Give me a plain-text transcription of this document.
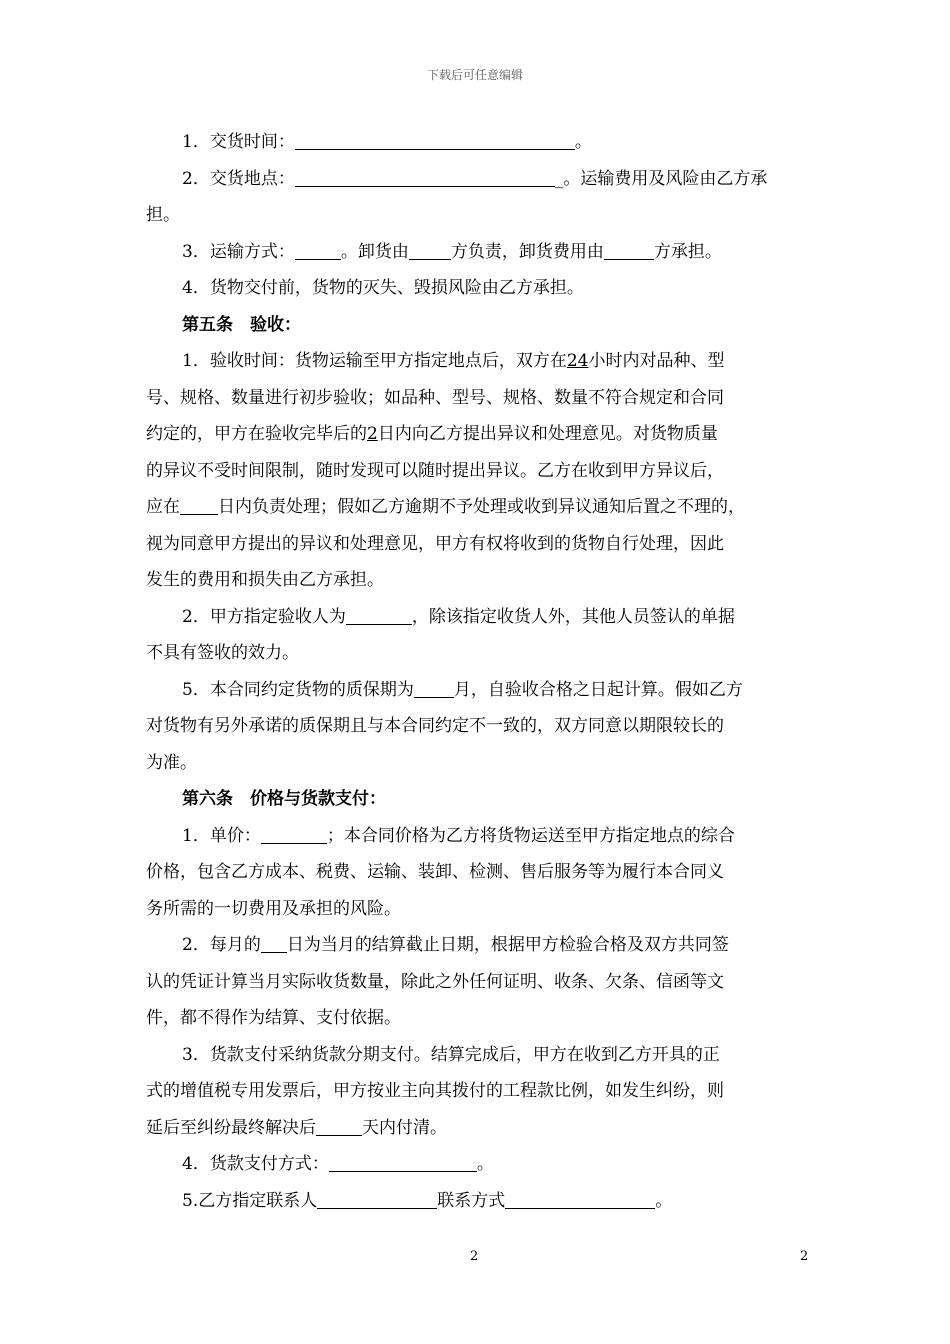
下载后可任意编辑
1．交货时间：	。
2．交货地点：	_。运输费用及风险由乙方承
担。
3．运输方式：	。卸货由 方负责，卸货费用由	方承担。
4．货物交付前，货物的灭失、毁损风险由乙方承担。
第五条　验收：
1．验收时间：货物运输至甲方指定地点后，双方在24小时内对品种、型
号、规格、数量进行初步验收；如品种、型号、规格、数量不符合规定和合同
约定的，甲方在验收完毕后的2日内向乙方提出异议和处理意见。对货物质量
的异议不受时间限制，随时发现可以随时提出异议。乙方在收到甲方异议后，
应在 日内负责处理；假如乙方逾期不予处理或收到异议通知后置之不理的，
视为同意甲方提出的异议和处理意见，甲方有权将收到的货物自行处理，因此
发生的费用和损失由乙方承担。
2．甲方指定验收人为	，除该指定收货人外，其他人员签认的单据
不具有签收的效力。
5．本合同约定货物的质保期为 月，自验收合格之日起计算。假如乙方
对货物有另外承诺的质保期且与本合同约定不一致的，双方同意以期限较长的
为准。
第六条　价格与货款支付：
1．单价：	；本合同价格为乙方将货物运送至甲方指定地点的综合
价格，包含乙方成本、税费、运输、装卸、检测、售后服务等为履行本合同义
务所需的一切费用及承担的风险。
2．每月的 日为当月的结算截止日期，根据甲方检验合格及双方共同签
认的凭证计算当月实际收货数量，除此之外任何证明、收条、欠条、信函等文
件，都不得作为结算、支付依据。
3．货款支付采纳货款分期支付。结算完成后，甲方在收到乙方开具的正
式的增值税专用发票后，甲方按业主向其拨付的工程款比例，如发生纠纷，则
延后至纠纷最终解决后	天内付清。
4．货款支付方式：	。
5.乙方指定联系人	联系方式	。
2	2
